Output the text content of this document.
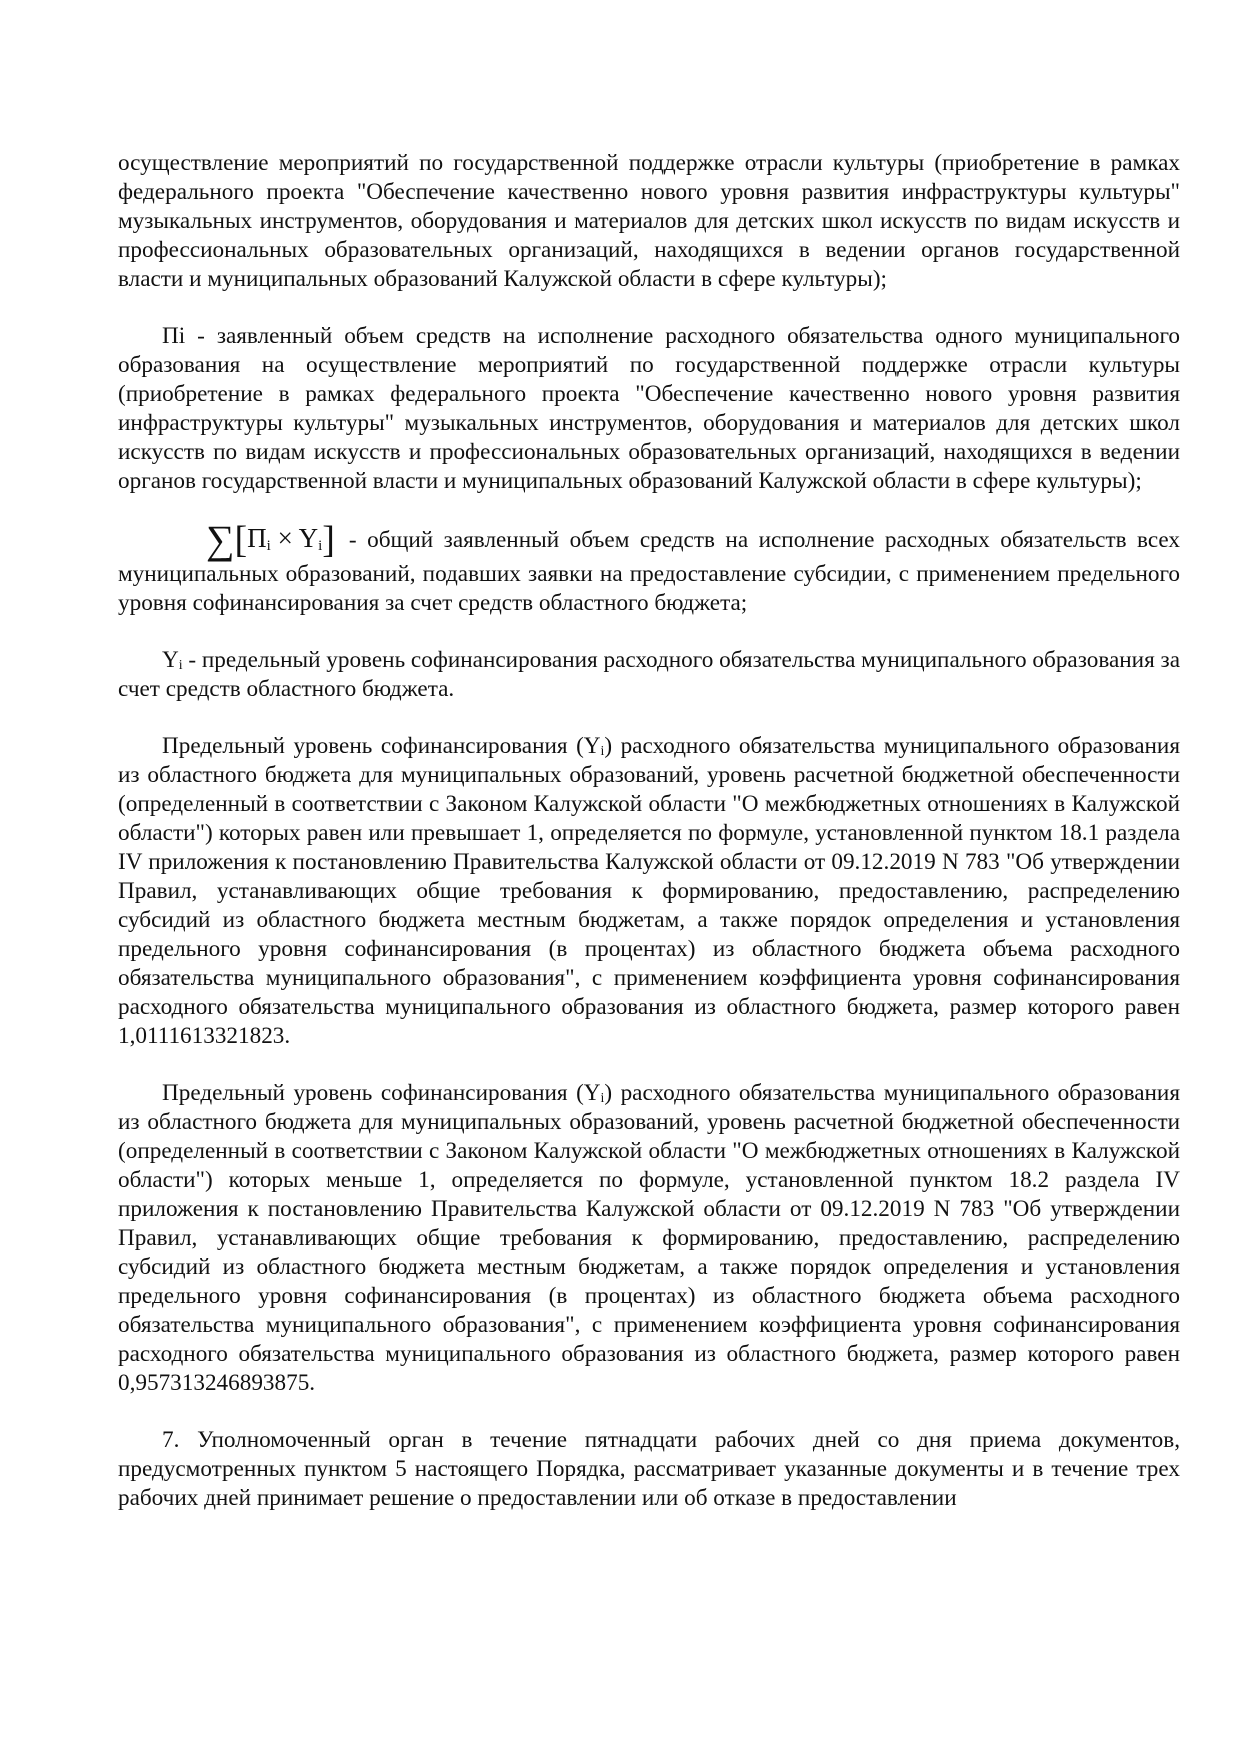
осуществление мероприятий по государственной поддержке отрасли культуры (приобретение в рамках федерального проекта "Обеспечение качественно нового уровня развития инфраструктуры культуры" музыкальных инструментов, оборудования и материалов для детских школ искусств по видам искусств и профессиональных образовательных организаций, находящихся в ведении органов государственной власти и муниципальных образований Калужской области в сфере культуры);

Пi - заявленный объем средств на исполнение расходного обязательства одного муниципального образования на осуществление мероприятий по государственной поддержке отрасли культуры (приобретение в рамках федерального проекта "Обеспечение качественно нового уровня развития инфраструктуры культуры" музыкальных инструментов, оборудования и материалов для детских школ искусств по видам искусств и профессиональных образовательных организаций, находящихся в ведении органов государственной власти и муниципальных образований Калужской области в сфере культуры);

∑[Пi × Yi] - общий заявленный объем средств на исполнение расходных обязательств всех муниципальных образований, подавших заявки на предоставление субсидии, с применением предельного уровня софинансирования за счет средств областного бюджета;

Yᵢ - предельный уровень софинансирования расходного обязательства муниципального образования за счет средств областного бюджета.

Предельный уровень софинансирования (Yᵢ) расходного обязательства муниципального образования из областного бюджета для муниципальных образований, уровень расчетной бюджетной обеспеченности (определенный в соответствии с Законом Калужской области "О межбюджетных отношениях в Калужской области") которых равен или превышает 1, определяется по формуле, установленной пунктом 18.1 раздела IV приложения к постановлению Правительства Калужской области от 09.12.2019 N 783 "Об утверждении Правил, устанавливающих общие требования к формированию, предоставлению, распределению субсидий из областного бюджета местным бюджетам, а также порядок определения и установления предельного уровня софинансирования (в процентах) из областного бюджета объема расходного обязательства муниципального образования", с применением коэффициента уровня софинансирования расходного обязательства муниципального образования из областного бюджета, размер которого равен 1,0111613321823.

Предельный уровень софинансирования (Yᵢ) расходного обязательства муниципального образования из областного бюджета для муниципальных образований, уровень расчетной бюджетной обеспеченности (определенный в соответствии с Законом Калужской области "О межбюджетных отношениях в Калужской области") которых меньше 1, определяется по формуле, установленной пунктом 18.2 раздела IV приложения к постановлению Правительства Калужской области от 09.12.2019 N 783 "Об утверждении Правил, устанавливающих общие требования к формированию, предоставлению, распределению субсидий из областного бюджета местным бюджетам, а также порядок определения и установления предельного уровня софинансирования (в процентах) из областного бюджета объема расходного обязательства муниципального образования", с применением коэффициента уровня софинансирования расходного обязательства муниципального образования из областного бюджета, размер которого равен 0,957313246893875.

7. Уполномоченный орган в течение пятнадцати рабочих дней со дня приема документов, предусмотренных пунктом 5 настоящего Порядка, рассматривает указанные документы и в течение трех рабочих дней принимает решение о предоставлении или об отказе в предоставлении
